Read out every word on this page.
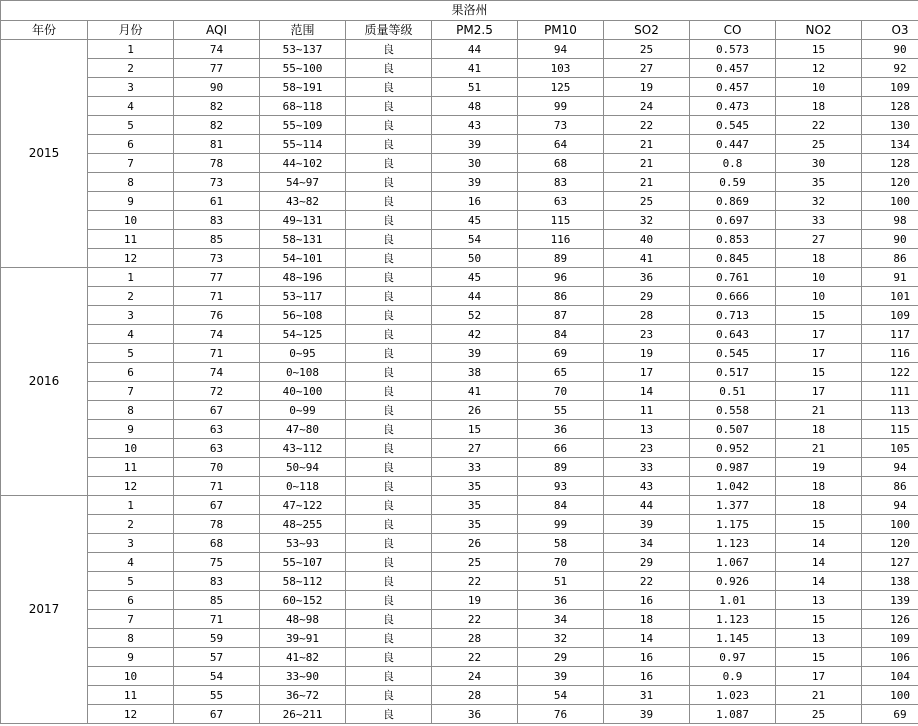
果洛州										
年份	月份	AQI	范围	质量等级	PM2.5	PM10	SO2	CO	NO2	O3
2015	1	74	53~137	良	44	94	25	0.573	15	90
	2	77	55~100	良	41	103	27	0.457	12	92
	3	90	58~191	良	51	125	19	0.457	10	109
	4	82	68~118	良	48	99	24	0.473	18	128
	5	82	55~109	良	43	73	22	0.545	22	130
	6	81	55~114	良	39	64	21	0.447	25	134
	7	78	44~102	良	30	68	21	0.8	30	128
	8	73	54~97	良	39	83	21	0.59	35	120
	9	61	43~82	良	16	63	25	0.869	32	100
	10	83	49~131	良	45	115	32	0.697	33	98
	11	85	58~131	良	54	116	40	0.853	27	90
	12	73	54~101	良	50	89	41	0.845	18	86
2016	1	77	48~196	良	45	96	36	0.761	10	91
	2	71	53~117	良	44	86	29	0.666	10	101
	3	76	56~108	良	52	87	28	0.713	15	109
	4	74	54~125	良	42	84	23	0.643	17	117
	5	71	0~95	良	39	69	19	0.545	17	116
	6	74	0~108	良	38	65	17	0.517	15	122
	7	72	40~100	良	41	70	14	0.51	17	111
	8	67	0~99	良	26	55	11	0.558	21	113
	9	63	47~80	良	15	36	13	0.507	18	115
	10	63	43~112	良	27	66	23	0.952	21	105
	11	70	50~94	良	33	89	33	0.987	19	94
	12	71	0~118	良	35	93	43	1.042	18	86
2017	1	67	47~122	良	35	84	44	1.377	18	94
	2	78	48~255	良	35	99	39	1.175	15	100
	3	68	53~93	良	26	58	34	1.123	14	120
	4	75	55~107	良	25	70	29	1.067	14	127
	5	83	58~112	良	22	51	22	0.926	14	138
	6	85	60~152	良	19	36	16	1.01	13	139
	7	71	48~98	良	22	34	18	1.123	15	126
	8	59	39~91	良	28	32	14	1.145	13	109
	9	57	41~82	良	22	29	16	0.97	15	106
	10	54	33~90	良	24	39	16	0.9	17	104
	11	55	36~72	良	28	54	31	1.023	21	100
	12	67	26~211	良	36	76	39	1.087	25	69
